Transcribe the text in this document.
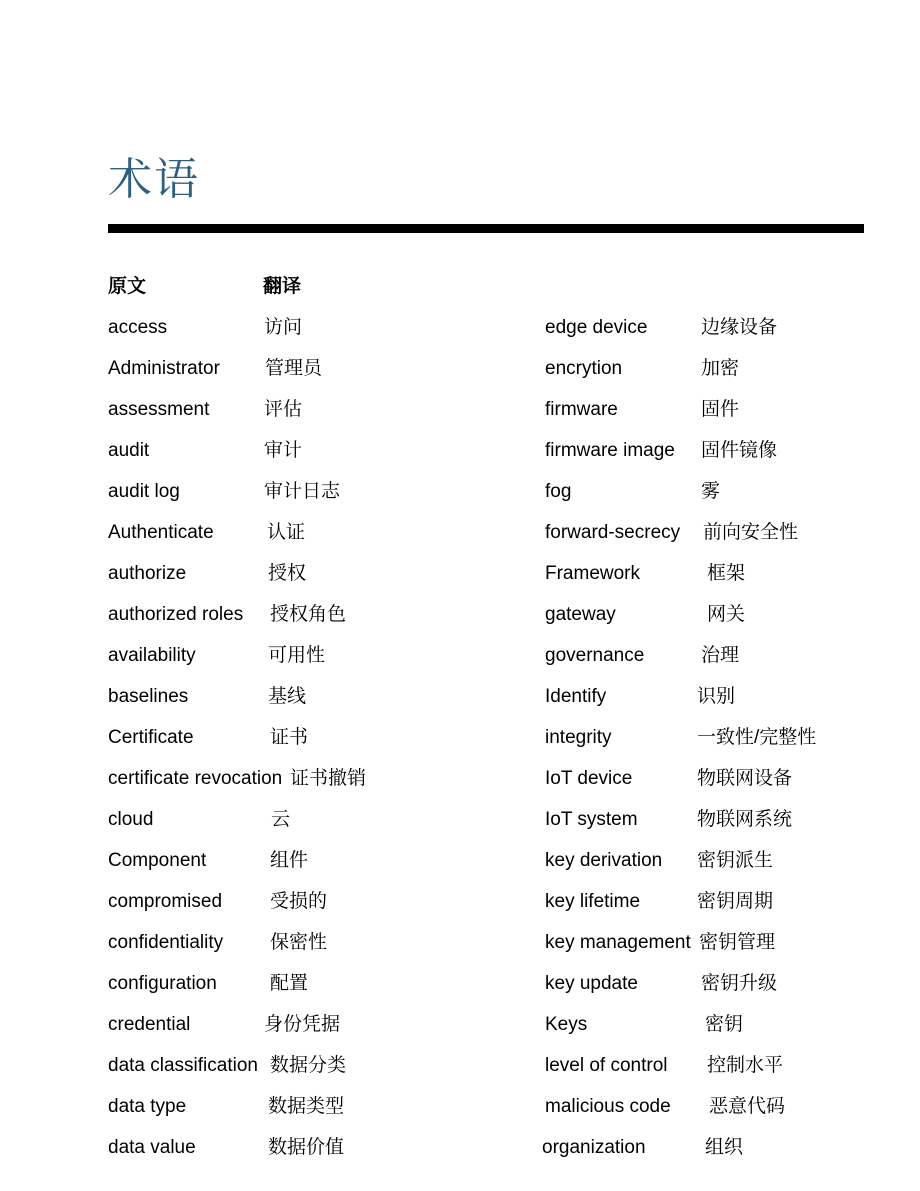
术语
原文	翻译
access	访问
Administrator 管理员
assessment	评估
audit	审计
audit log	审计日志
Authenticate	认证
authorize	授权
authorized roles 授权角色
availability	可用性
baselines	基线
Certificate	证书
certificate revocation 证书撤销
cloud	云
Component	组件
compromised	受损的
confidentiality 保密性
configuration	配置
credential	身份凭据
data classification 数据分类
data type	数据类型
data value	数据价值
edge device	边缘设备
encrytion	加密
firmware	固件
firmware image 固件镜像
fog	雾
forward-secrecy 前向安全性
Framework	框架
gateway	网关
governance	治理
Identify	识别
integrity	一致性/完整性
IoT device	物联网设备
IoT system	物联网系统
key derivation 密钥派生
key lifetime	密钥周期
key management 密钥管理
key update	密钥升级
Keys	密钥
level of control 控制水平
malicious code 恶意代码
organization	组织
